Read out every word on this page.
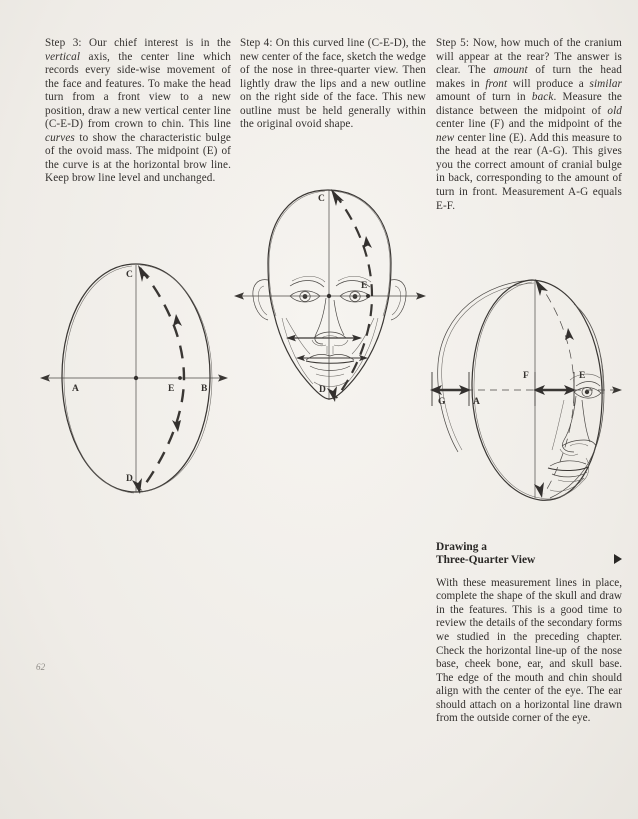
Step 3: Our chief interest is in the vertical axis, the center line which records every side-wise movement of the face and features. To make the head turn from a front view to a new position, draw a new vertical center line (C-E-D) from crown to chin. This line curves to show the characteristic bulge of the ovoid mass. The midpoint (E) of the curve is at the horizontal brow line. Keep brow line level and unchanged.

Step 4: On this curved line (C-E-D), the new center of the face, sketch the wedge of the nose in three-quarter view. Then lightly draw the lips and a new outline on the right side of the face. This new outline must be held generally within the original ovoid shape.

Step 5: Now, how much of the cranium will appear at the rear? The answer is clear. The amount of turn the head makes in front will produce a similar amount of turn in back. Measure the distance between the midpoint of old center line (F) and the midpoint of the new center line (E). Add this measure to the head at the rear (A-G). This gives you the correct amount of cranial bulge in back, corresponding to the amount of turn in front. Measurement A-G equals E-F.

Drawing a
Three-Quarter View
With these measurement lines in place, complete the shape of the skull and draw in the features. This is a good time to review the details of the secondary forms we studied in the preceding chapter. Check the horizontal line-up of the nose base, cheek bone, ear, and skull base. The edge of the mouth and chin should align with the center of the eye. The ear should attach on a horizontal line drawn from the outside corner of the eye.
62
C
D
A	B
E
C
D
E
G	A
F	E
